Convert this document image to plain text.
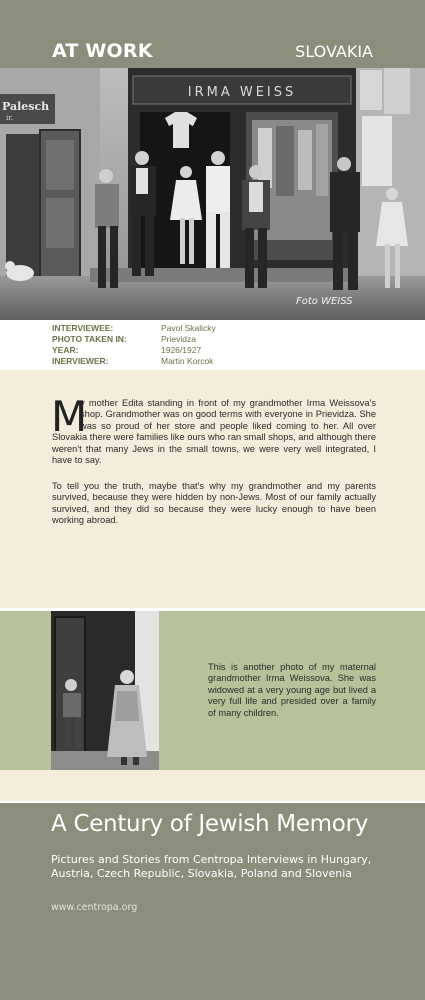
AT WORK	SLOVAKIA
Palesch
ir.
IRMA WEISS
Foto WEISS
INTERVIEWEE:	Pavol Skalicky
PHOTO TAKEN IN:	Prievidza
YEAR:	1926/1927
INERVIEWER:	Martin Korcok
M
y mother Edita standing in front of my grandmother Irma Weissova's shop. Grandmother was on good terms with everyone in Prievidza. She was so proud of her store and people liked coming to her. All over Slovakia there were families like ours who ran small shops, and although there weren't that many Jews in the small towns, we were very well integrated, I have to say.
To tell you the truth, maybe that's why my grandmother and my parents survived, because they were hidden by non-Jews. Most of our family actually survived, and they did so because they were lucky enough to have been working abroad.
This is another photo of my maternal grandmother Irma Weissova. She was widowed at a very young age but lived a very full life and presided over a family of many children.
A Century of Jewish Memory
Pictures and Stories from Centropa Interviews in Hungary, Austria, Czech Republic, Slovakia, Poland and Slovenia
www.centropa.org
